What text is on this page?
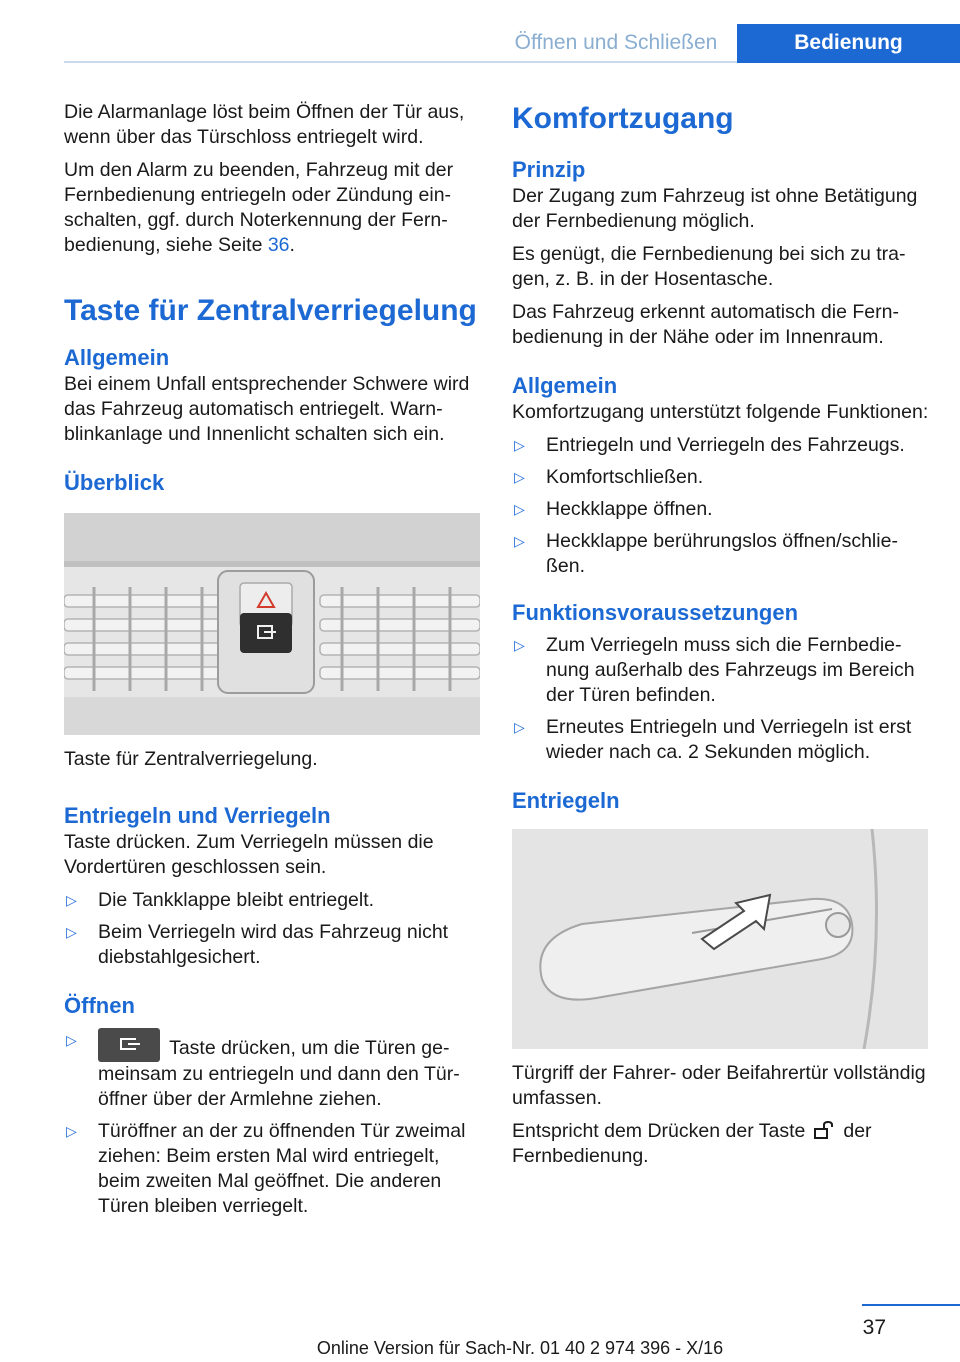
Öffnen und Schließen	Bedienung

Die Alarmanlage löst beim Öffnen der Tür aus, wenn über das Türschloss entriegelt wird.

Um den Alarm zu beenden, Fahrzeug mit der Fernbedienung entriegeln oder Zündung einschalten, ggf. durch Noterkennung der Fernbedienung, siehe Seite 36.

Taste für Zentralverriegelung
Allgemein

Bei einem Unfall entsprechender Schwere wird das Fahrzeug automatisch entriegelt. Warnblinkanlage und Innenlicht schalten sich ein.

Überblick

Taste für Zentralverriegelung.

Entriegeln und Verriegeln

Taste drücken. Zum Verriegeln müssen die Vordertüren geschlossen sein.

▷ Die Tankklappe bleibt entriegelt.
▷ Beim Verriegeln wird das Fahrzeug nicht diebstahlgesichert.
Öffnen
▷	Taste drücken, um die Türen gemeinsam zu entriegeln und dann den Türöffner über der Armlehne ziehen.
▷ Türöffner an der zu öffnenden Tür zweimal ziehen: Beim ersten Mal wird entriegelt, beim zweiten Mal geöffnet. Die anderen Türen bleiben verriegelt.
Komfortzugang
Prinzip

Der Zugang zum Fahrzeug ist ohne Betätigung der Fernbedienung möglich.

Es genügt, die Fernbedienung bei sich zu tragen, z. B. in der Hosentasche.

Das Fahrzeug erkennt automatisch die Fernbedienung in der Nähe oder im Innenraum.

Allgemein

Komfortzugang unterstützt folgende Funktionen:

▷ Entriegeln und Verriegeln des Fahrzeugs.
▷ Komfortschließen.
▷ Heckklappe öffnen.
▷ Heckklappe berührungslos öffnen/schließen.
Funktionsvoraussetzungen
▷ Zum Verriegeln muss sich die Fernbedienung außerhalb des Fahrzeugs im Bereich der Türen befinden.
▷ Erneutes Entriegeln und Verriegeln ist erst wieder nach ca. 2 Sekunden möglich.
Entriegeln

Türgriff der Fahrer- oder Beifahrertür vollständig umfassen.

Entspricht dem Drücken der Taste der Fernbedienung.

37
Online Version für Sach-Nr. 01 40 2 974 396 - X/16
